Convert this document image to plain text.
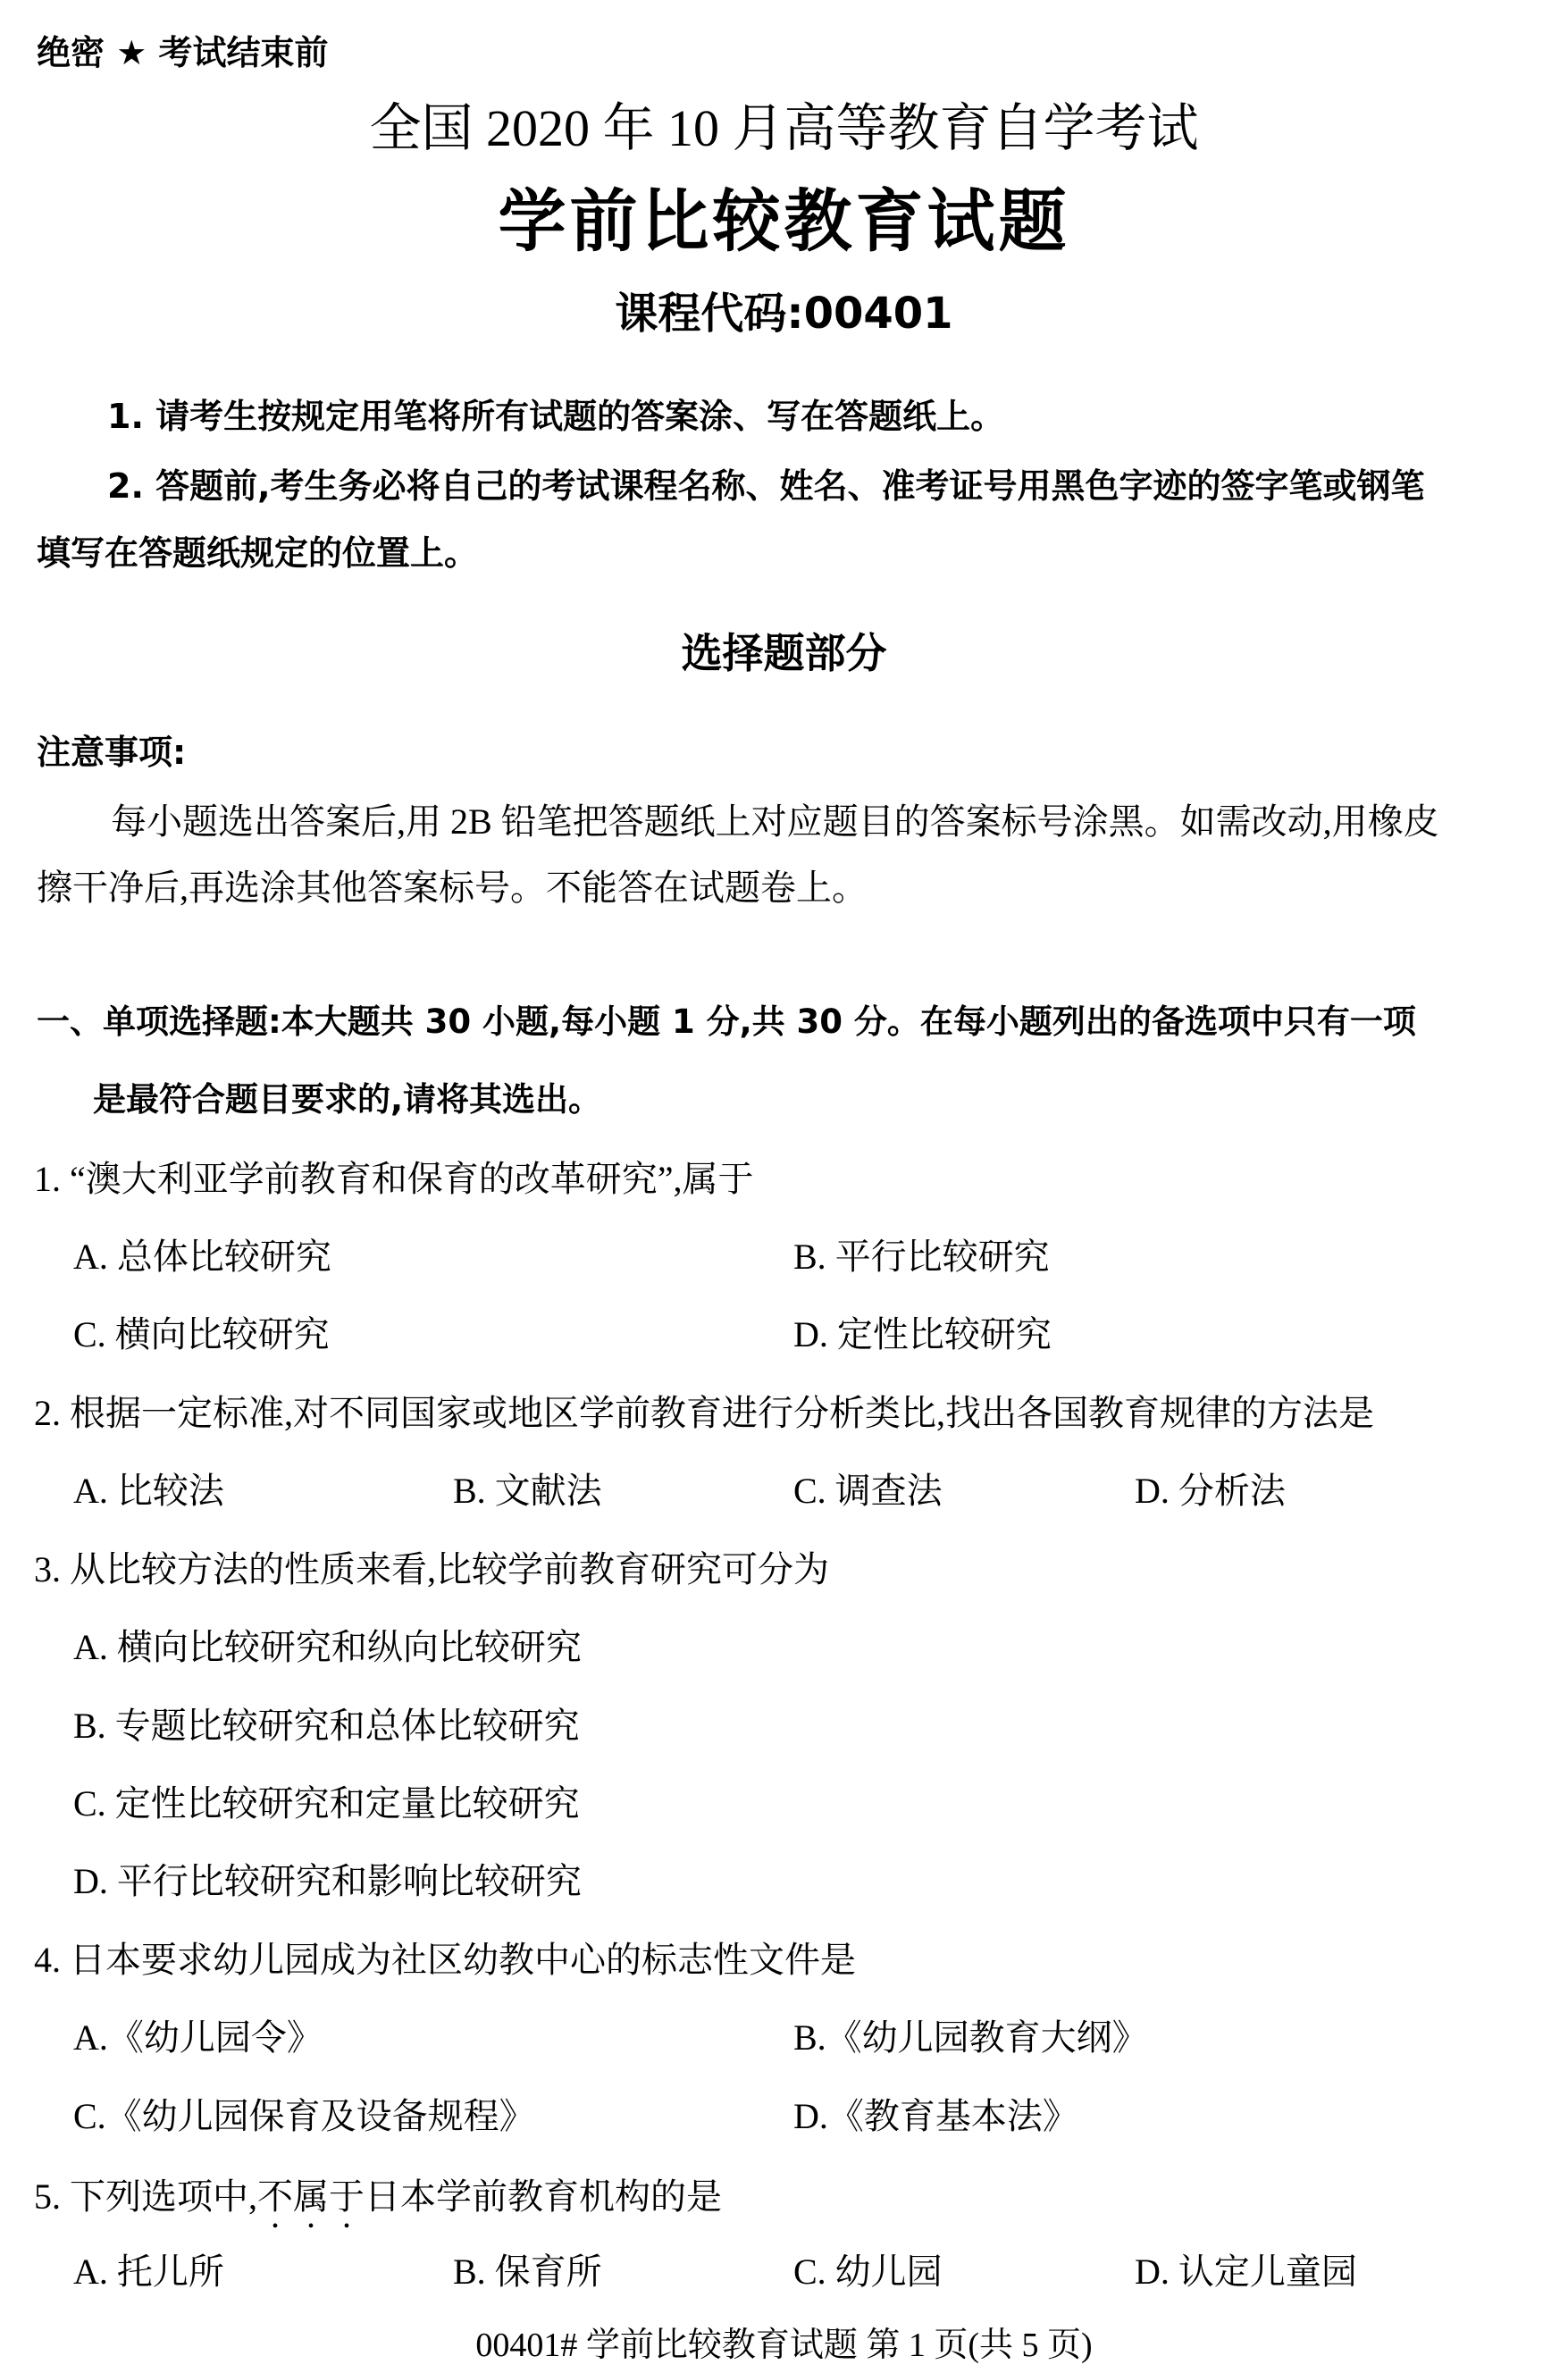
绝密 ★ 考试结束前
全国 2020 年 10 月高等教育自学考试
学前比较教育试题
课程代码:00401
1. 请考生按规定用笔将所有试题的答案涂、写在答题纸上。
2. 答题前,考生务必将自己的考试课程名称、姓名、准考证号用黑色字迹的签字笔或钢笔
填写在答题纸规定的位置上。
选择题部分
注意事项:
每小题选出答案后,用 2B 铅笔把答题纸上对应题目的答案标号涂黑。如需改动,用橡皮
擦干净后,再选涂其他答案标号。不能答在试题卷上。
一、单项选择题:本大题共 30 小题,每小题 1 分,共 30 分。在每小题列出的备选项中只有一项
是最符合题目要求的,请将其选出。
1. “澳大利亚学前教育和保育的改革研究”,属于
A. 总体比较研究	B. 平行比较研究
C. 横向比较研究	D. 定性比较研究
2. 根据一定标准,对不同国家或地区学前教育进行分析类比,找出各国教育规律的方法是
A. 比较法	B. 文献法	C. 调查法	D. 分析法
3. 从比较方法的性质来看,比较学前教育研究可分为
A. 横向比较研究和纵向比较研究
B. 专题比较研究和总体比较研究
C. 定性比较研究和定量比较研究
D. 平行比较研究和影响比较研究
4. 日本要求幼儿园成为社区幼教中心的标志性文件是
A.《幼儿园令》	B.《幼儿园教育大纲》
C.《幼儿园保育及设备规程》	D.《教育基本法》
5. 下列选项中,不属于日本学前教育机构的是
A. 托儿所	B. 保育所	C. 幼儿园	D. 认定儿童园
00401# 学前比较教育试题 第 1 页(共 5 页)
